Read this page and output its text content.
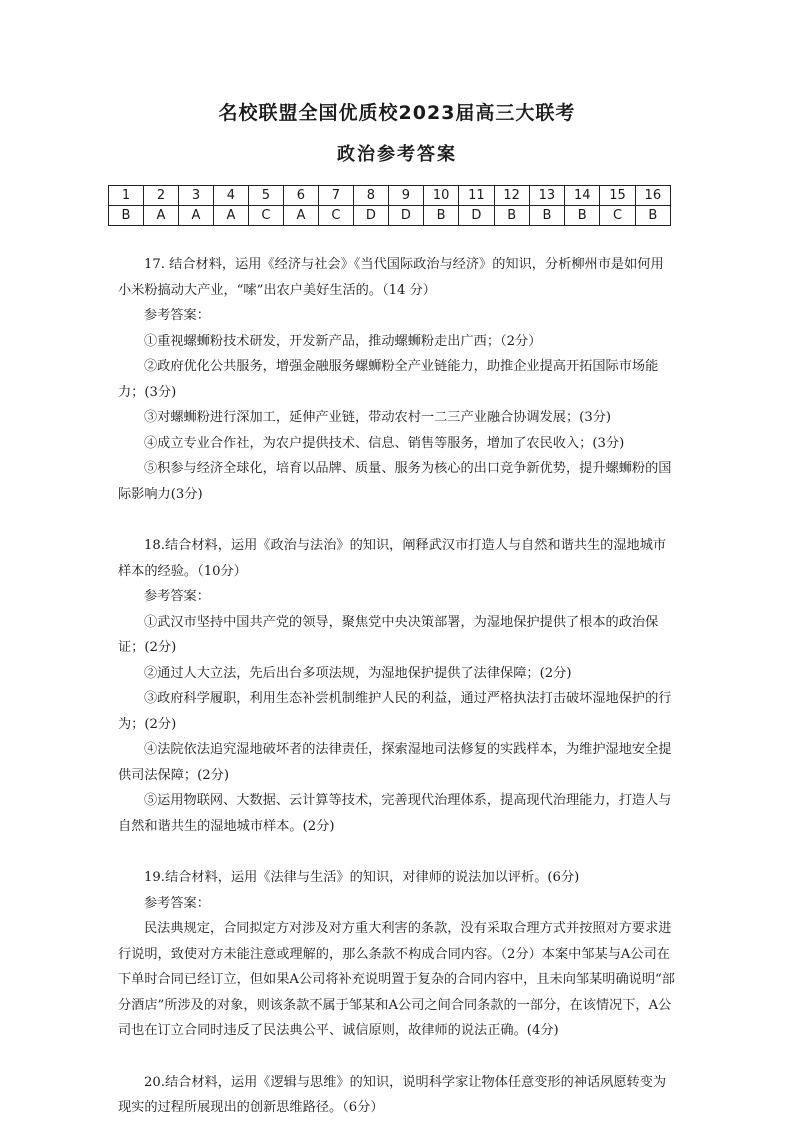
名校联盟全国优质校2023届高三大联考
政治参考答案
1	2	3	4	5	6	7	8	9	10	11	12	13	14	15	16
B	A	A	A	C	A	C	D	D	B	D	B	B	B	C	B

17. 结合材料，运用《经济与社会》《当代国际政治与经济》的知识，分析柳州市是如何用小米粉搞动大产业，“嗦”出农户美好生活的。（14 分）

参考答案：

①重视螺蛳粉技术研发，开发新产品，推动螺蛳粉走出广西；（2分）

②政府优化公共服务，增强金融服务螺蛳粉全产业链能力，助推企业提高开拓国际市场能力；(3分)

③对螺蛳粉进行深加工，延伸产业链，带动农村一二三产业融合协调发展；(3分)

④成立专业合作社，为农户提供技术、信息、销售等服务，增加了农民收入；(3分)

⑤积参与经济全球化，培育以品牌、质量、服务为核心的出口竞争新优势，提升螺蛳粉的国际影响力(3分)

18.结合材料，运用《政治与法治》的知识，阐释武汉市打造人与自然和谐共生的湿地城市样本的经验。（10分）

参考答案：

①武汉市坚持中国共产党的领导，聚焦党中央决策部署，为湿地保护提供了根本的政治保证；(2分)

②通过人大立法，先后出台多项法规，为湿地保护提供了法律保障；(2分)

③政府科学履职，利用生态补尝机制维护人民的利益，通过严格执法打击破坏湿地保护的行为；(2分)

④法院依法追究湿地破坏者的法律责任，探索湿地司法修复的实践样本，为维护湿地安全提供司法保障；(2分)

⑤运用物联网、大数据、云计算等技术，完善现代治理体系，提高现代治理能力，打造人与自然和谐共生的湿地城市样本。(2分)

19.结合材料，运用《法律与生活》的知识，对律师的说法加以评析。(6分)

参考答案：

民法典规定，合同拟定方对涉及对方重大利害的条款，没有采取合理方式并按照对方要求进行说明，致使对方未能注意或理解的，那么条款不构成合同内容。（2分）本案中邹某与A公司在下单时合同已经订立，但如果A公司将补充说明置于复杂的合同内容中，且未向邹某明确说明“部分酒店”所涉及的对象，则该条款不属于邹某和A公司之间合同条款的一部分，在该情况下，A公司也在订立合同时违反了民法典公平、诚信原则，故律师的说法正确。(4分)

20.结合材料，运用《逻辑与思维》的知识，说明科学家让物体任意变形的神话夙愿转变为现实的过程所展现出的创新思维路径。（6分）
